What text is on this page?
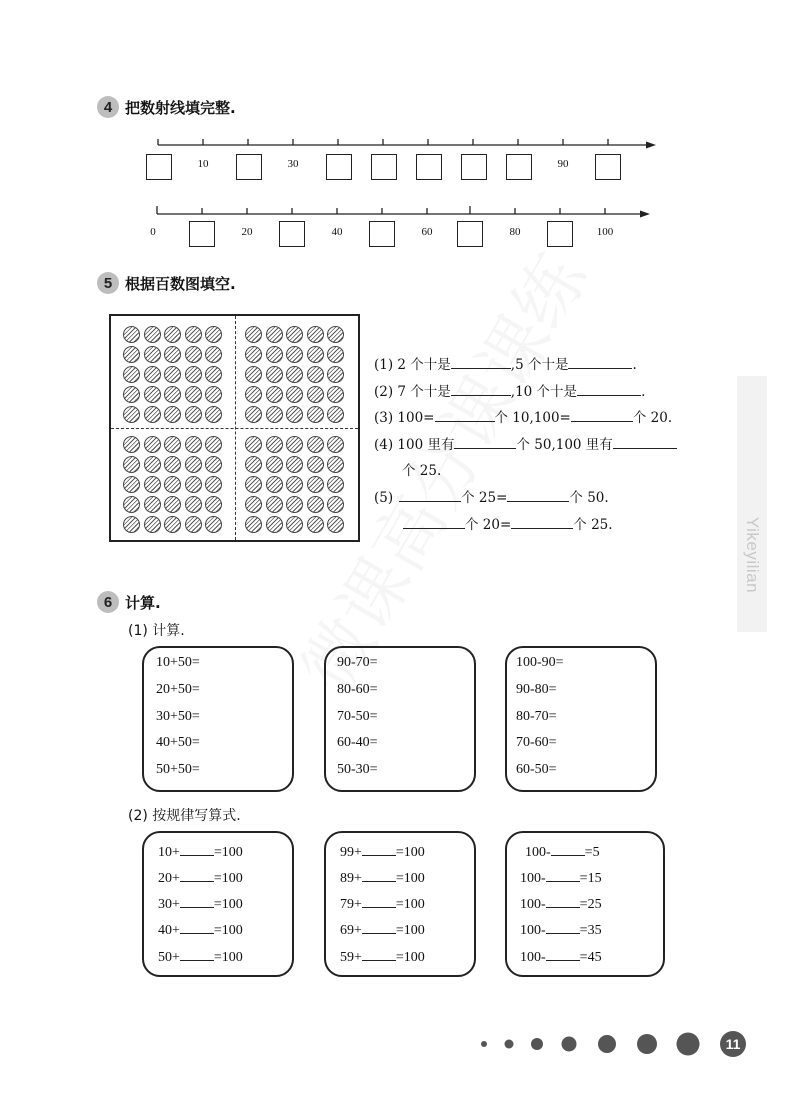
Yikeyilian
4 把数射线填完整.
10	30	90
0	20	40	60	80	100
5 根据百数图填空.
(1) 2 个十是	,5 个十是	.
(2) 7 个十是	,10 个十是	.
(3) 100=	个 10,100=	个 20.
(4) 100 里有	个 50,100 里有
个 25.
(5)	个 25=	个 50.
个 20=	个 25.
6 计算.
(1) 计算.
10+50=
20+50=
30+50=
40+50=
50+50=
90-70=
80-60=
70-50=
60-40=
50-30=
100-90=
90-80=
80-70=
70-60=
60-50=
(2) 按规律写算式.
10+ =100
20+ =100
30+ =100
40+ =100
50+ =100
99+ =100
89+ =100
79+ =100
69+ =100
59+ =100
100- =5
100- =15
100- =25
100- =35
100- =45
11
